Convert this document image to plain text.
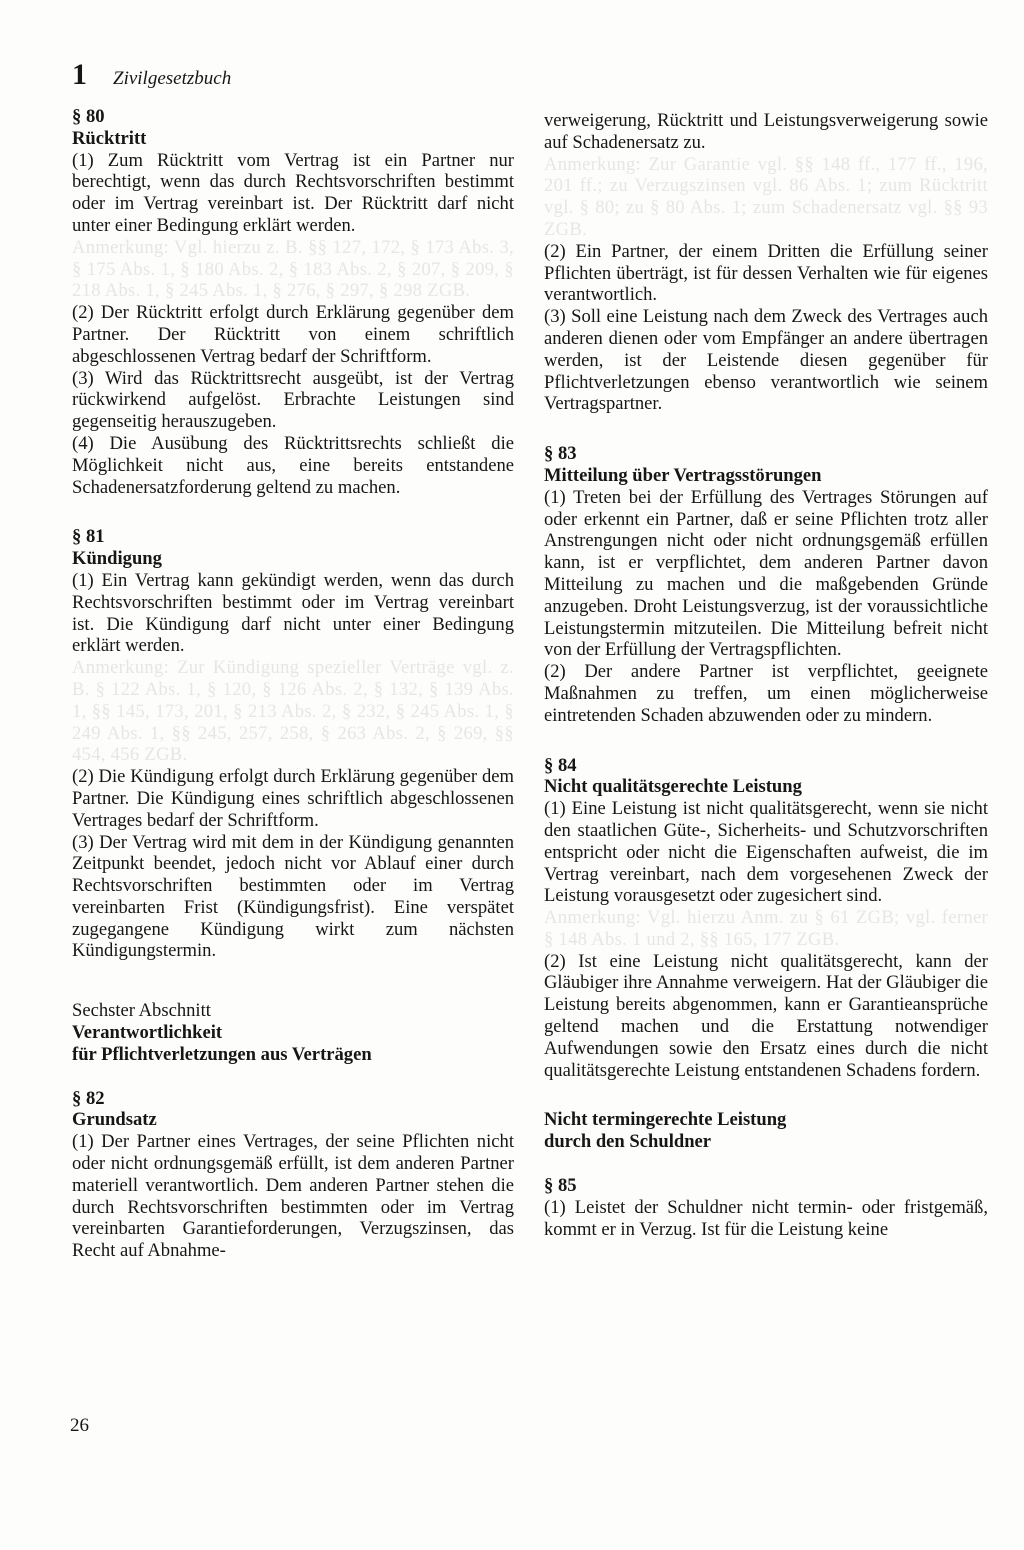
1 Zivilgesetzbuch

§ 80

Rücktritt

(1) Zum Rücktritt vom Vertrag ist ein Partner nur berechtigt, wenn das durch Rechtsvorschriften bestimmt oder im Vertrag vereinbart ist. Der Rücktritt darf nicht unter einer Bedingung erklärt werden.

Anmerkung: Vgl. hierzu z. B. §§ 127, 172, § 173 Abs. 3, § 175 Abs. 1, § 180 Abs. 2, § 183 Abs. 2, § 207, § 209, § 218 Abs. 1, § 245 Abs. 1, § 276, § 297, § 298 ZGB.

(2) Der Rücktritt erfolgt durch Erklärung gegenüber dem Partner. Der Rücktritt von einem schriftlich abgeschlossenen Vertrag bedarf der Schriftform.

(3) Wird das Rücktrittsrecht ausgeübt, ist der Vertrag rückwirkend aufgelöst. Erbrachte Leistungen sind gegenseitig herauszugeben.

(4) Die Ausübung des Rücktrittsrechts schließt die Möglichkeit nicht aus, eine bereits entstandene Schadenersatzforderung geltend zu machen.

§ 81

Kündigung

(1) Ein Vertrag kann gekündigt werden, wenn das durch Rechtsvorschriften bestimmt oder im Vertrag vereinbart ist. Die Kündigung darf nicht unter einer Bedingung erklärt werden.

Anmerkung: Zur Kündigung spezieller Verträge vgl. z. B. § 122 Abs. 1, § 120, § 126 Abs. 2, § 132, § 139 Abs. 1, §§ 145, 173, 201, § 213 Abs. 2, § 232, § 245 Abs. 1, § 249 Abs. 1, §§ 245, 257, 258, § 263 Abs. 2, § 269, §§ 454, 456 ZGB.

(2) Die Kündigung erfolgt durch Erklärung gegenüber dem Partner. Die Kündigung eines schriftlich abgeschlossenen Vertrages bedarf der Schriftform.

(3) Der Vertrag wird mit dem in der Kündigung genannten Zeitpunkt beendet, jedoch nicht vor Ablauf einer durch Rechtsvorschriften bestimmten oder im Vertrag vereinbarten Frist (Kündigungsfrist). Eine verspätet zugegangene Kündigung wirkt zum nächsten Kündigungstermin.

Sechster Abschnitt

Verantwortlichkeit

für Pflichtverletzungen aus Verträgen

§ 82

Grundsatz

(1) Der Partner eines Vertrages, der seine Pflichten nicht oder nicht ordnungsgemäß erfüllt, ist dem anderen Partner materiell verantwortlich. Dem anderen Partner stehen die durch Rechtsvorschriften bestimmten oder im Vertrag vereinbarten Garantieforderungen, Verzugszinsen, das Recht auf Abnahme-

verweigerung, Rücktritt und Leistungsverweigerung sowie auf Schadenersatz zu.

Anmerkung: Zur Garantie vgl. §§ 148 ff., 177 ff., 196, 201 ff.; zu Verzugszinsen vgl. 86 Abs. 1; zum Rücktritt vgl. § 80; zu § 80 Abs. 1; zum Schadenersatz vgl. §§ 93 ZGB.

(2) Ein Partner, der einem Dritten die Erfüllung seiner Pflichten überträgt, ist für dessen Verhalten wie für eigenes verantwortlich.

(3) Soll eine Leistung nach dem Zweck des Vertrages auch anderen dienen oder vom Empfänger an andere übertragen werden, ist der Leistende diesen gegenüber für Pflichtverletzungen ebenso verantwortlich wie seinem Vertragspartner.

§ 83

Mitteilung über Vertragsstörungen

(1) Treten bei der Erfüllung des Vertrages Störungen auf oder erkennt ein Partner, daß er seine Pflichten trotz aller Anstrengungen nicht oder nicht ordnungsgemäß erfüllen kann, ist er verpflichtet, dem anderen Partner davon Mitteilung zu machen und die maßgebenden Gründe anzugeben. Droht Leistungsverzug, ist der voraussichtliche Leistungstermin mitzuteilen. Die Mitteilung befreit nicht von der Erfüllung der Vertragspflichten.

(2) Der andere Partner ist verpflichtet, geeignete Maßnahmen zu treffen, um einen möglicherweise eintretenden Schaden abzuwenden oder zu mindern.

§ 84

Nicht qualitätsgerechte Leistung

(1) Eine Leistung ist nicht qualitätsgerecht, wenn sie nicht den staatlichen Güte-, Sicherheits- und Schutzvorschriften entspricht oder nicht die Eigenschaften aufweist, die im Vertrag vereinbart, nach dem vorgesehenen Zweck der Leistung vorausgesetzt oder zugesichert sind.

Anmerkung: Vgl. hierzu Anm. zu § 61 ZGB; vgl. ferner § 148 Abs. 1 und 2, §§ 165, 177 ZGB.

(2) Ist eine Leistung nicht qualitätsgerecht, kann der Gläubiger ihre Annahme verweigern. Hat der Gläubiger die Leistung bereits abgenommen, kann er Garantieansprüche geltend machen und die Erstattung notwendiger Aufwendungen sowie den Ersatz eines durch die nicht qualitätsgerechte Leistung entstandenen Schadens fordern.

Nicht termingerechte Leistung

durch den Schuldner

§ 85

(1) Leistet der Schuldner nicht termin- oder fristgemäß, kommt er in Verzug. Ist für die Leistung keine

26
